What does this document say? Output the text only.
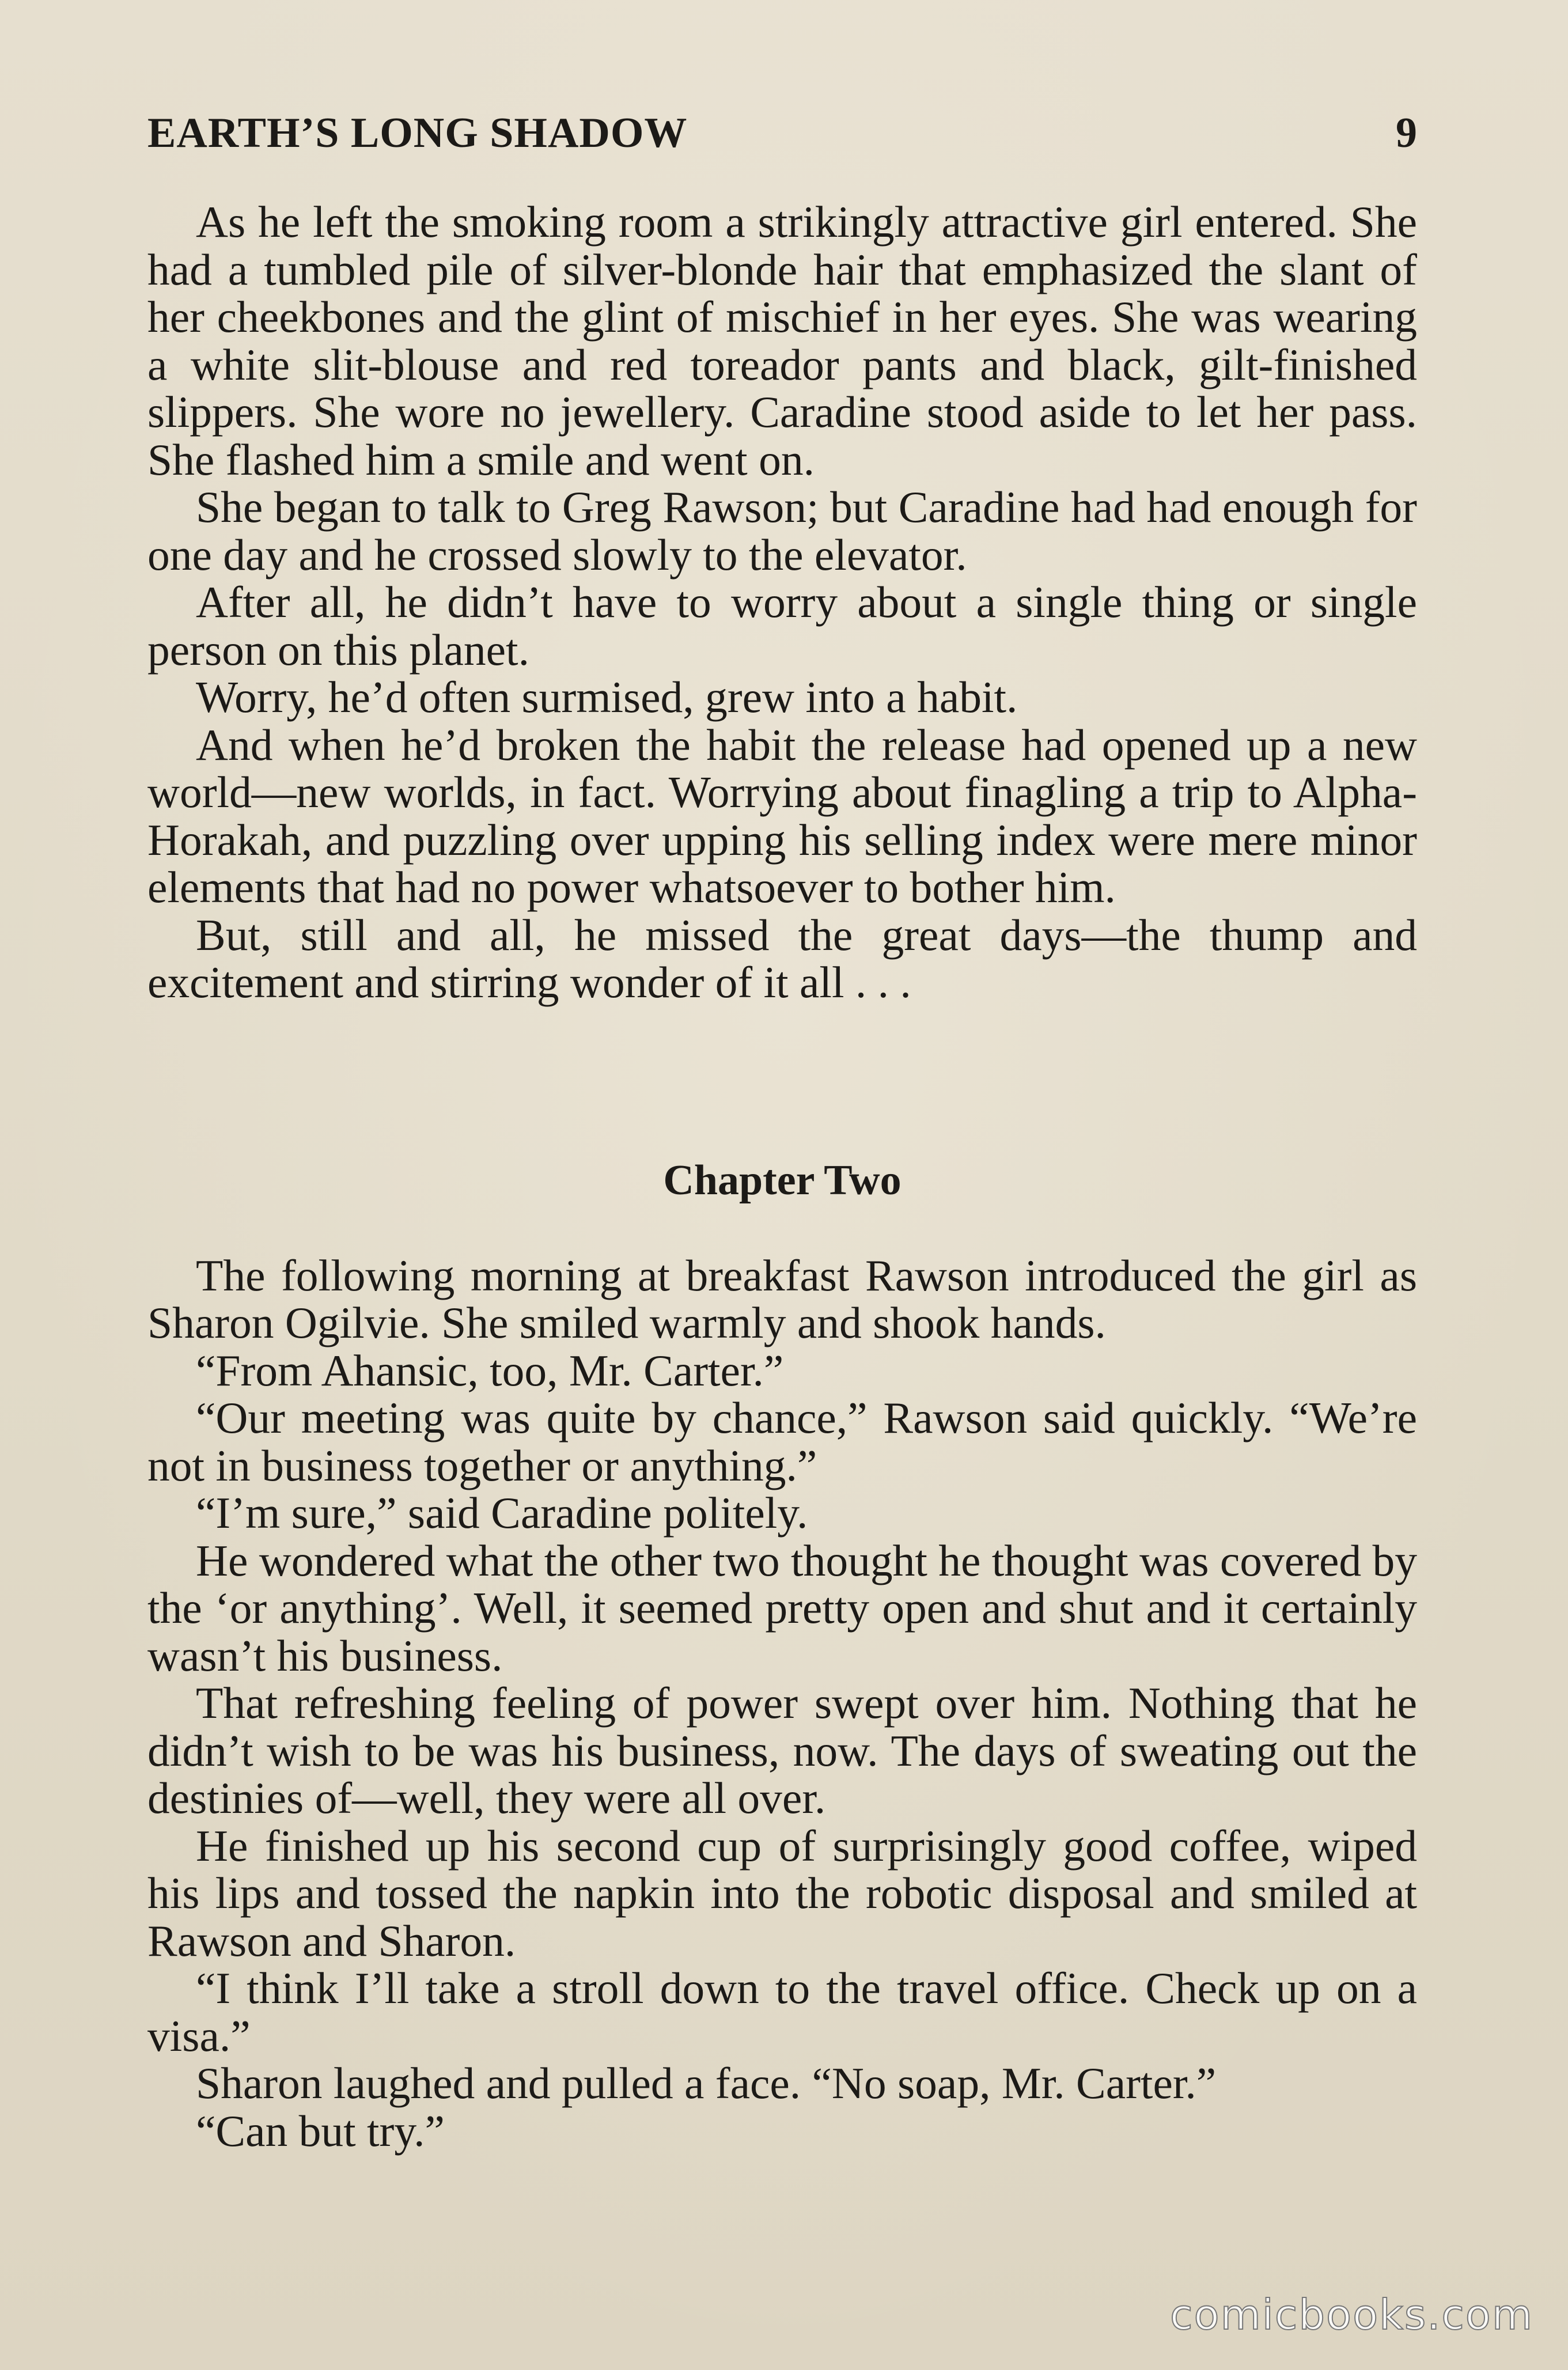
EARTH’S LONG SHADOW	9

As he left the smoking room a strikingly attractive girl entered. She had a tumbled pile of silver-blonde hair that emphasized the slant of her cheekbones and the glint of mischief in her eyes. She was wearing a white slit-blouse and red toreador pants and black, gilt-finished slippers. She wore no jewellery. Caradine stood aside to let her pass. She flashed him a smile and went on.

She began to talk to Greg Rawson; but Caradine had had enough for one day and he crossed slowly to the elevator.

After all, he didn’t have to worry about a single thing or single person on this planet.

Worry, he’d often surmised, grew into a habit.

And when he’d broken the habit the release had opened up a new world—new worlds, in fact. Worrying about finagling a trip to Alpha-Horakah, and puzzling over upping his selling index were mere minor elements that had no power whatsoever to bother him.

But, still and all, he missed the great days—the thump and excitement and stirring wonder of it all . . .

Chapter Two

The following morning at breakfast Rawson introduced the girl as Sharon Ogilvie. She smiled warmly and shook hands.

“From Ahansic, too, Mr. Carter.”

“Our meeting was quite by chance,” Rawson said quickly. “We’re not in business together or anything.”

“I’m sure,” said Caradine politely.

He wondered what the other two thought he thought was covered by the ‘or anything’. Well, it seemed pretty open and shut and it certainly wasn’t his business.

That refreshing feeling of power swept over him. Nothing that he didn’t wish to be was his business, now. The days of sweating out the destinies of—well, they were all over.

He finished up his second cup of surprisingly good coffee, wiped his lips and tossed the napkin into the robotic disposal and smiled at Rawson and Sharon.

“I think I’ll take a stroll down to the travel office. Check up on a visa.”

Sharon laughed and pulled a face. “No soap, Mr. Carter.”

“Can but try.”

comicbooks.com
